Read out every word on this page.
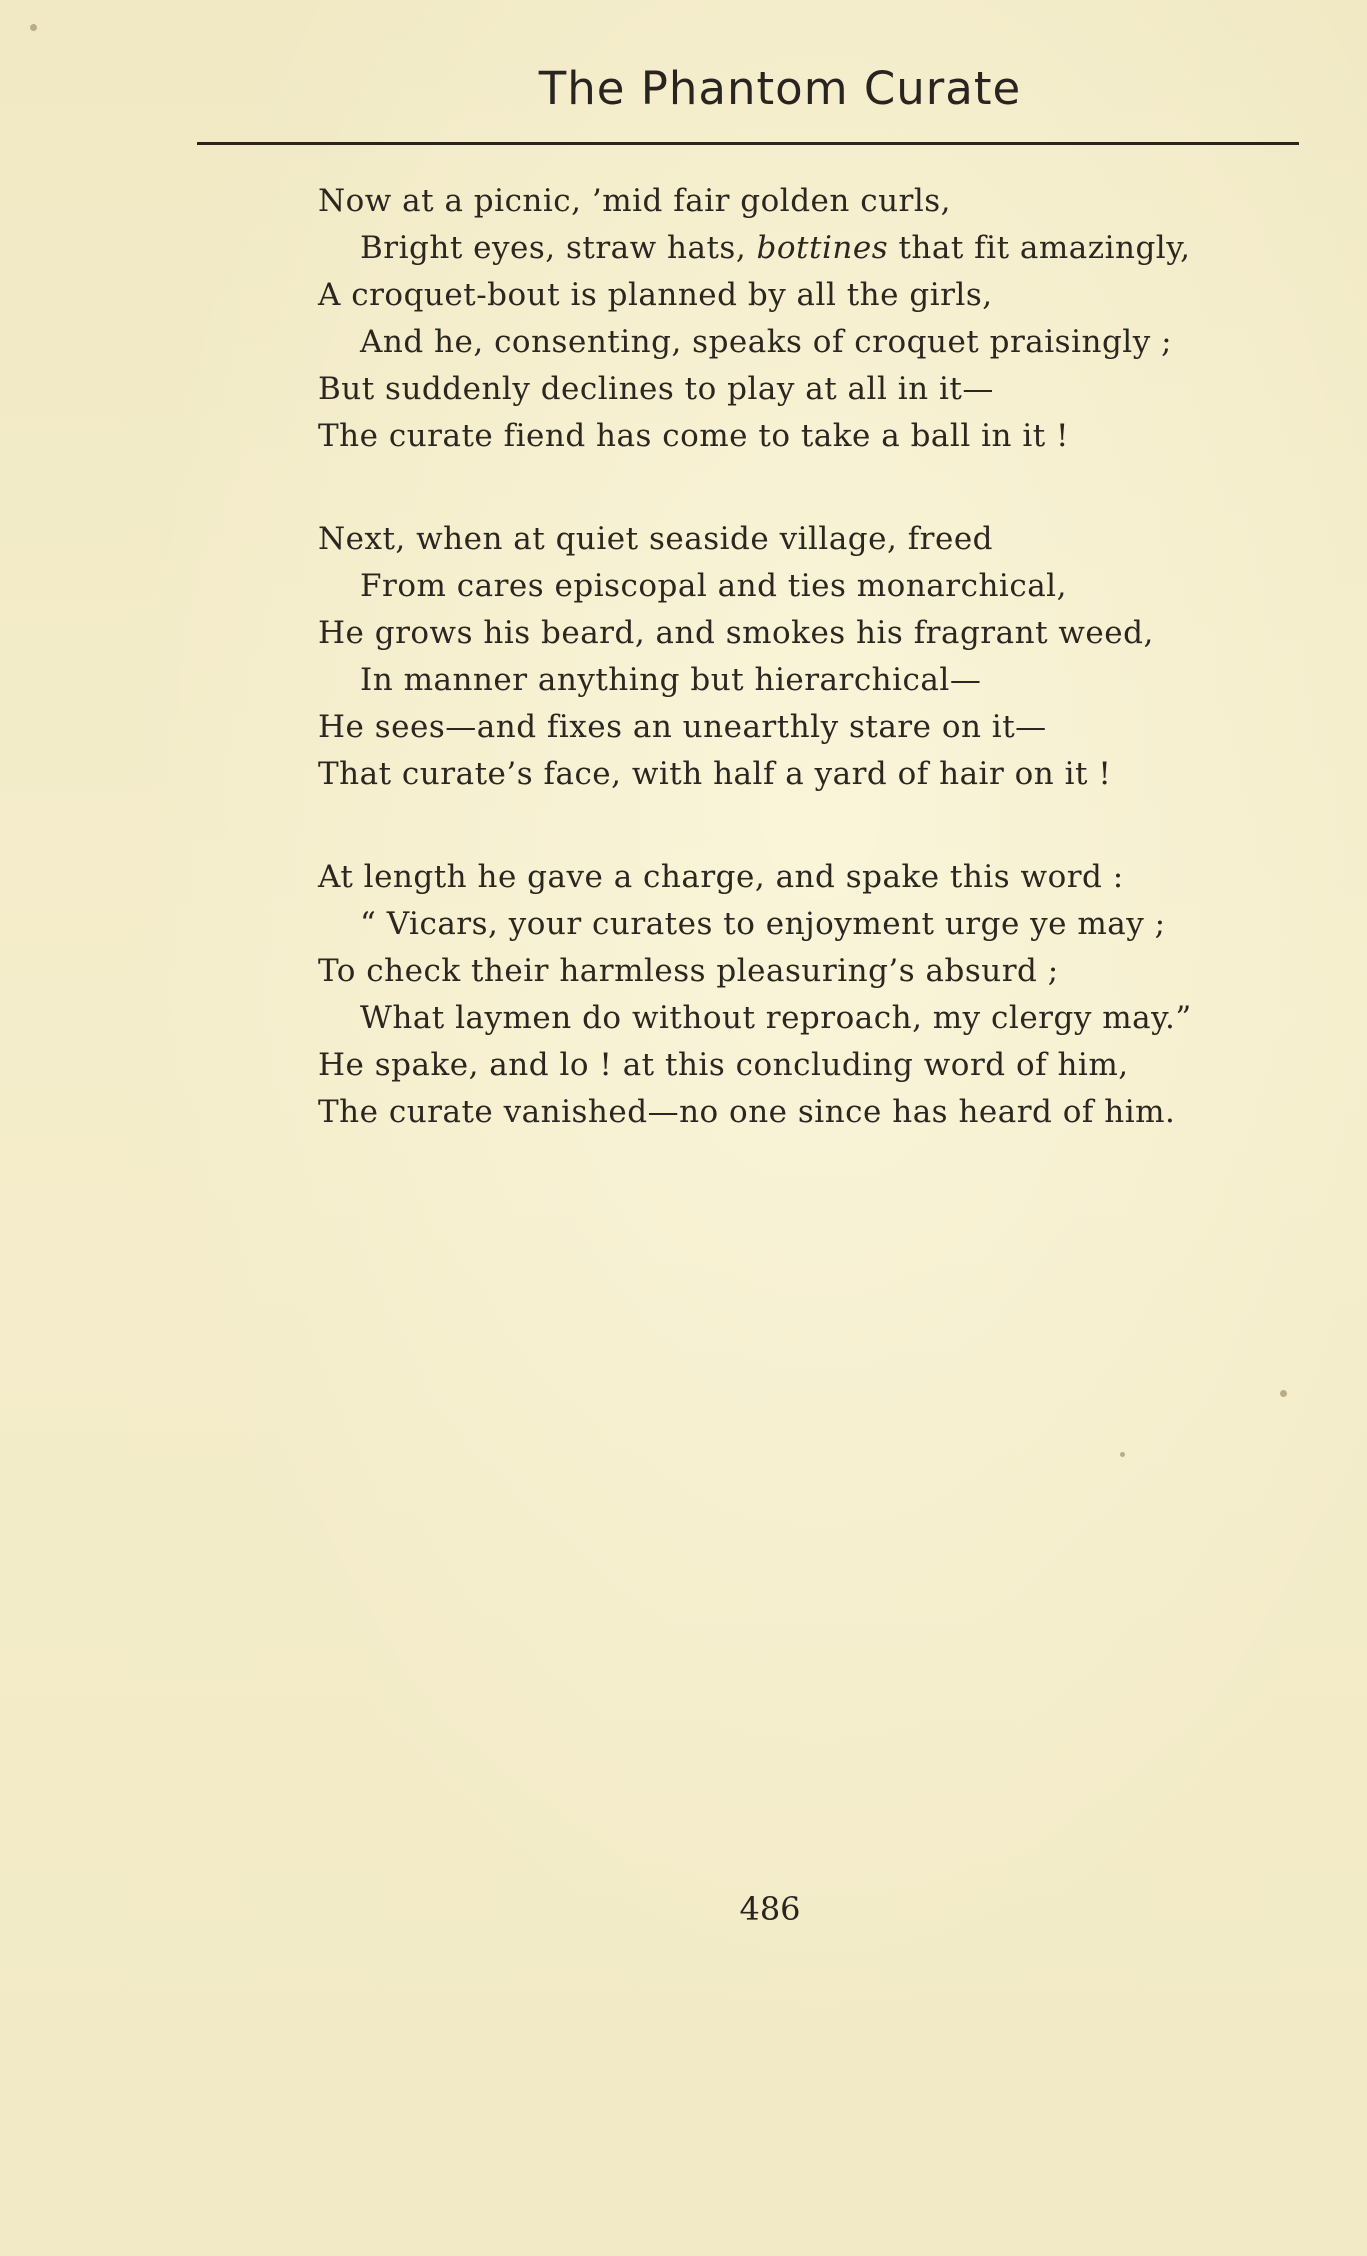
The Phantom Curate
Now at a picnic, ’mid fair golden curls,
Bright eyes, straw hats, bottines that fit amazingly,
A croquet-bout is planned by all the girls,
And he, consenting, speaks of croquet praisingly ;
But suddenly declines to play at all in it—
The curate fiend has come to take a ball in it !
Next, when at quiet seaside village, freed
From cares episcopal and ties monarchical,
He grows his beard, and smokes his fragrant weed,
In manner anything but hierarchical—
He sees—and fixes an unearthly stare on it—
That curate’s face, with half a yard of hair on it !
At length he gave a charge, and spake this word :
“ Vicars, your curates to enjoyment urge ye may ;
To check their harmless pleasuring’s absurd ;
What laymen do without reproach, my clergy may.”
He spake, and lo ! at this concluding word of him,
The curate vanished—no one since has heard of him.
486
